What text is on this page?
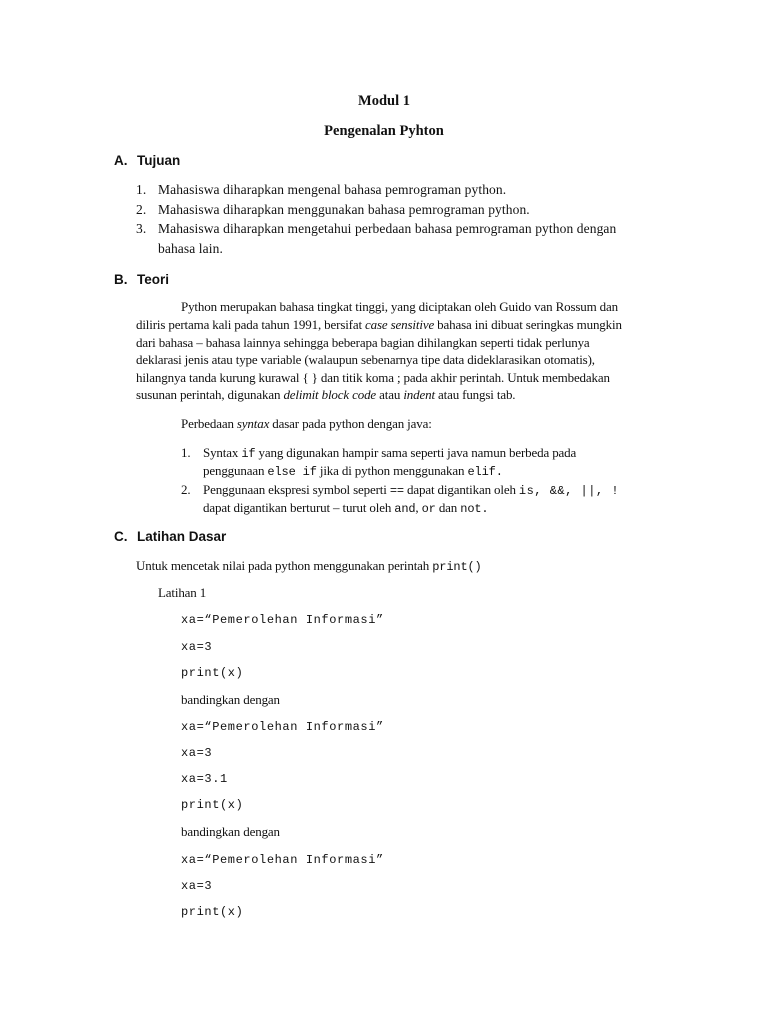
Modul 1
Pengenalan Pyhton
A. Tujuan
1. Mahasiswa diharapkan mengenal bahasa pemrograman python.
2. Mahasiswa diharapkan menggunakan bahasa pemrograman python.
3. Mahasiswa diharapkan mengetahui perbedaan bahasa pemrograman python dengan
bahasa lain.
B. Teori
Python merupakan bahasa tingkat tinggi, yang diciptakan oleh Guido van Rossum dan
diliris pertama kali pada tahun 1991, bersifat case sensitive bahasa ini dibuat seringkas mungkin
dari bahasa – bahasa lainnya sehingga beberapa bagian dihilangkan seperti tidak perlunya
deklarasi jenis atau type variable (walaupun sebenarnya tipe data dideklarasikan otomatis),
hilangnya tanda kurung kurawal { } dan titik koma ; pada akhir perintah. Untuk membedakan
susunan perintah, digunakan delimit block code atau indent atau fungsi tab.
Perbedaan syntax dasar pada python dengan java:
1. Syntax if yang digunakan hampir sama seperti java namun berbeda pada
penggunaan else if jika di python menggunakan elif.
2. Penggunaan ekspresi symbol seperti == dapat digantikan oleh is, &&, ||, !
dapat digantikan berturut – turut oleh and, or dan not.
C. Latihan Dasar
Untuk mencetak nilai pada python menggunakan perintah print()
Latihan 1
xa=“Pemerolehan Informasi”
xa=3
print(x)
bandingkan dengan
xa=“Pemerolehan Informasi”
xa=3
xa=3.1
print(x)
bandingkan dengan
xa=“Pemerolehan Informasi”
xa=3
print(x)
